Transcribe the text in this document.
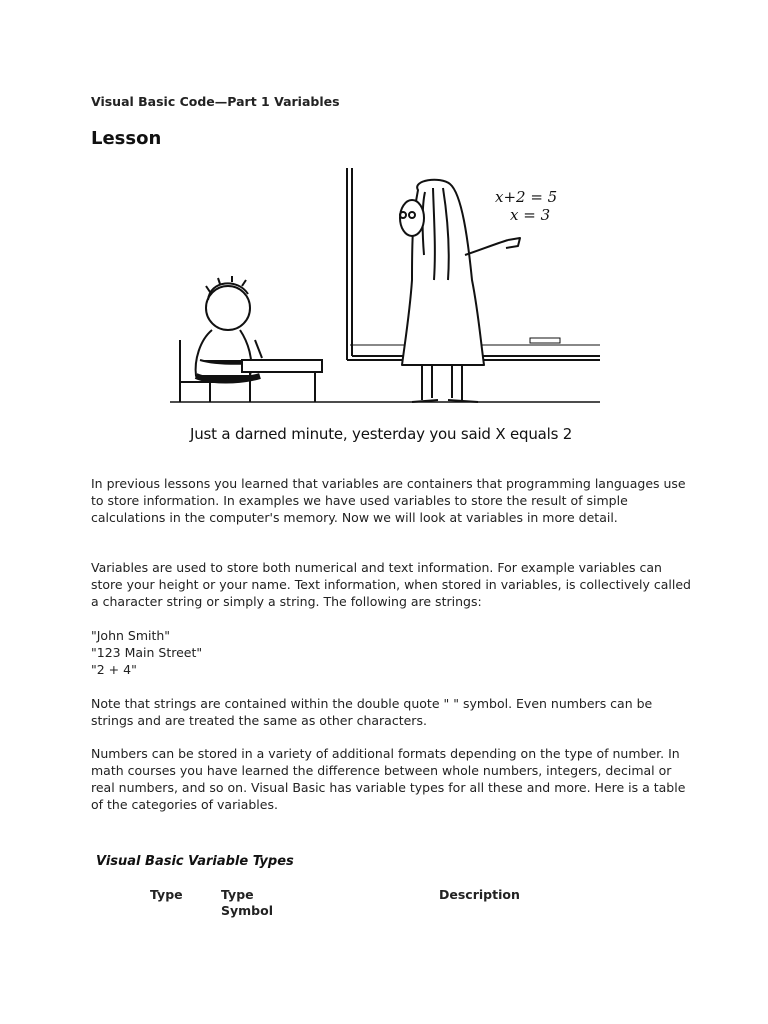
Visual Basic Code—Part 1 Variables
Lesson
x+2 = 5
x = 3
Just a darned minute, yesterday you said X equals 2

In previous lessons you learned that variables are containers that programming languages use to store information. In examples we have used variables to store the result of simple calculations in the computer's memory. Now we will look at variables in more detail.

Variables are used to store both numerical and text information. For example variables can store your height or your name. Text information, when stored in variables, is collectively called a character string or simply a string. The following are strings:

"John Smith"
"123 Main Street"
"2 + 4"

Note that strings are contained within the double quote " " symbol. Even numbers can be strings and are treated the same as other characters.

Numbers can be stored in a variety of additional formats depending on the type of number. In math courses you have learned the difference between whole numbers, integers, decimal or real numbers, and so on. Visual Basic has variable types for all these and more. Here is a table of the categories of variables.

Visual Basic Variable Types
Type	Type Symbol
Description
